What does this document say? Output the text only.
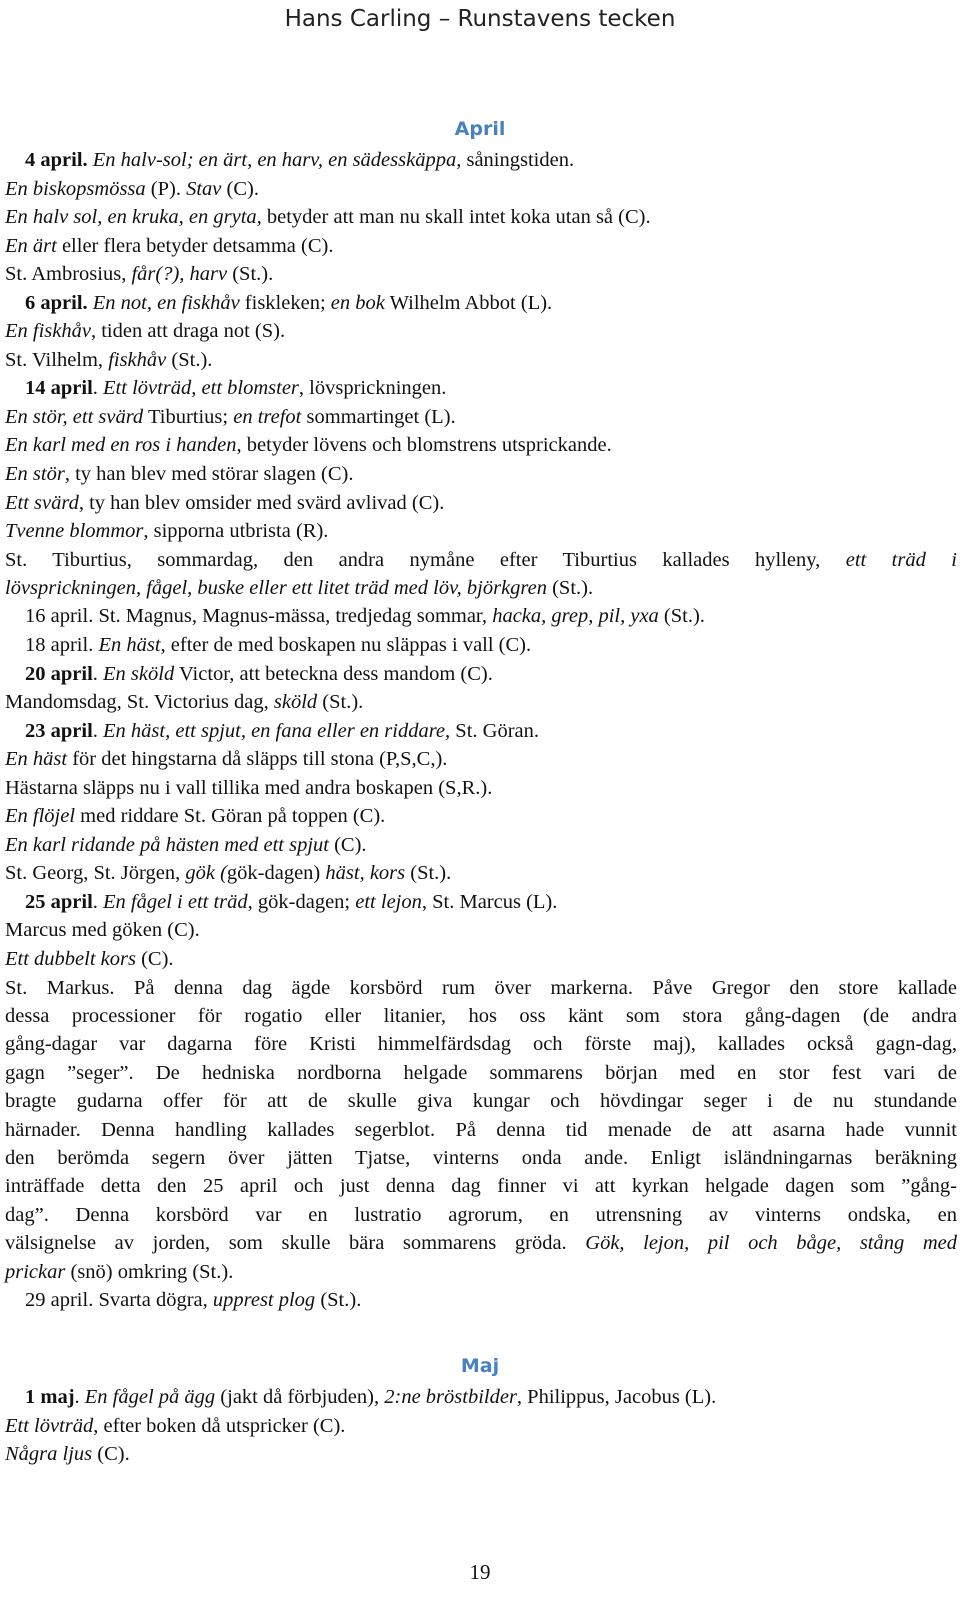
Hans Carling – Runstavens tecken
April
4 april. En halv-sol; en ärt, en harv, en sädesskäppa, såningstiden.
En biskopsmössa (P). Stav (C).
En halv sol, en kruka, en gryta, betyder att man nu skall intet koka utan så (C).
En ärt eller flera betyder detsamma (C).
St. Ambrosius, får(?), harv (St.).
6 april. En not, en fiskhåv fiskleken; en bok Wilhelm Abbot (L).
En fiskhåv, tiden att draga not (S).
St. Vilhelm, fiskhåv (St.).
14 april. Ett lövträd, ett blomster, lövsprickningen.
En stör, ett svärd Tiburtius; en trefot sommartinget (L).
En karl med en ros i handen, betyder lövens och blomstrens utsprickande.
En stör, ty han blev med störar slagen (C).
Ett svärd, ty han blev omsider med svärd avlivad (C).
Tvenne blommor, sipporna utbrista (R).
St. Tiburtius, sommardag, den andra nymåne efter Tiburtius kallades hylleny, ett träd i
lövsprickningen, fågel, buske eller ett litet träd med löv, björkgren (St.).
16 april. St. Magnus, Magnus-mässa, tredjedag sommar, hacka, grep, pil, yxa (St.).
18 april. En häst, efter de med boskapen nu släppas i vall (C).
20 april. En sköld Victor, att beteckna dess mandom (C).
Mandomsdag, St. Victorius dag, sköld (St.).
23 april. En häst, ett spjut, en fana eller en riddare, St. Göran.
En häst för det hingstarna då släpps till stona (P,S,C,).
Hästarna släpps nu i vall tillika med andra boskapen (S,R.).
En flöjel med riddare St. Göran på toppen (C).
En karl ridande på hästen med ett spjut (C).
St. Georg, St. Jörgen, gök (gök-dagen) häst, kors (St.).
25 april. En fågel i ett träd, gök-dagen; ett lejon, St. Marcus (L).
Marcus med göken (C).
Ett dubbelt kors (C).
St. Markus. På denna dag ägde korsbörd rum över markerna. Påve Gregor den store kallade
dessa processioner för rogatio eller litanier, hos oss känt som stora gång-dagen (de andra
gång-dagar var dagarna före Kristi himmelfärdsdag och förste maj), kallades också gagn-dag,
gagn ”seger”. De hedniska nordborna helgade sommarens början med en stor fest vari de
bragte gudarna offer för att de skulle giva kungar och hövdingar seger i de nu stundande
härnader. Denna handling kallades segerblot. På denna tid menade de att asarna hade vunnit
den berömda segern över jätten Tjatse, vinterns onda ande. Enligt isländningarnas beräkning
inträffade detta den 25 april och just denna dag finner vi att kyrkan helgade dagen som ”gång-
dag”. Denna korsbörd var en lustratio agrorum, en utrensning av vinterns ondska, en
välsignelse av jorden, som skulle bära sommarens gröda. Gök, lejon, pil och båge, stång med
prickar (snö) omkring (St.).
29 april. Svarta dögra, upprest plog (St.).
Maj
1 maj. En fågel på ägg (jakt då förbjuden), 2:ne bröstbilder, Philippus, Jacobus (L).
Ett lövträd, efter boken då utspricker (C).
Några ljus (C).
19
